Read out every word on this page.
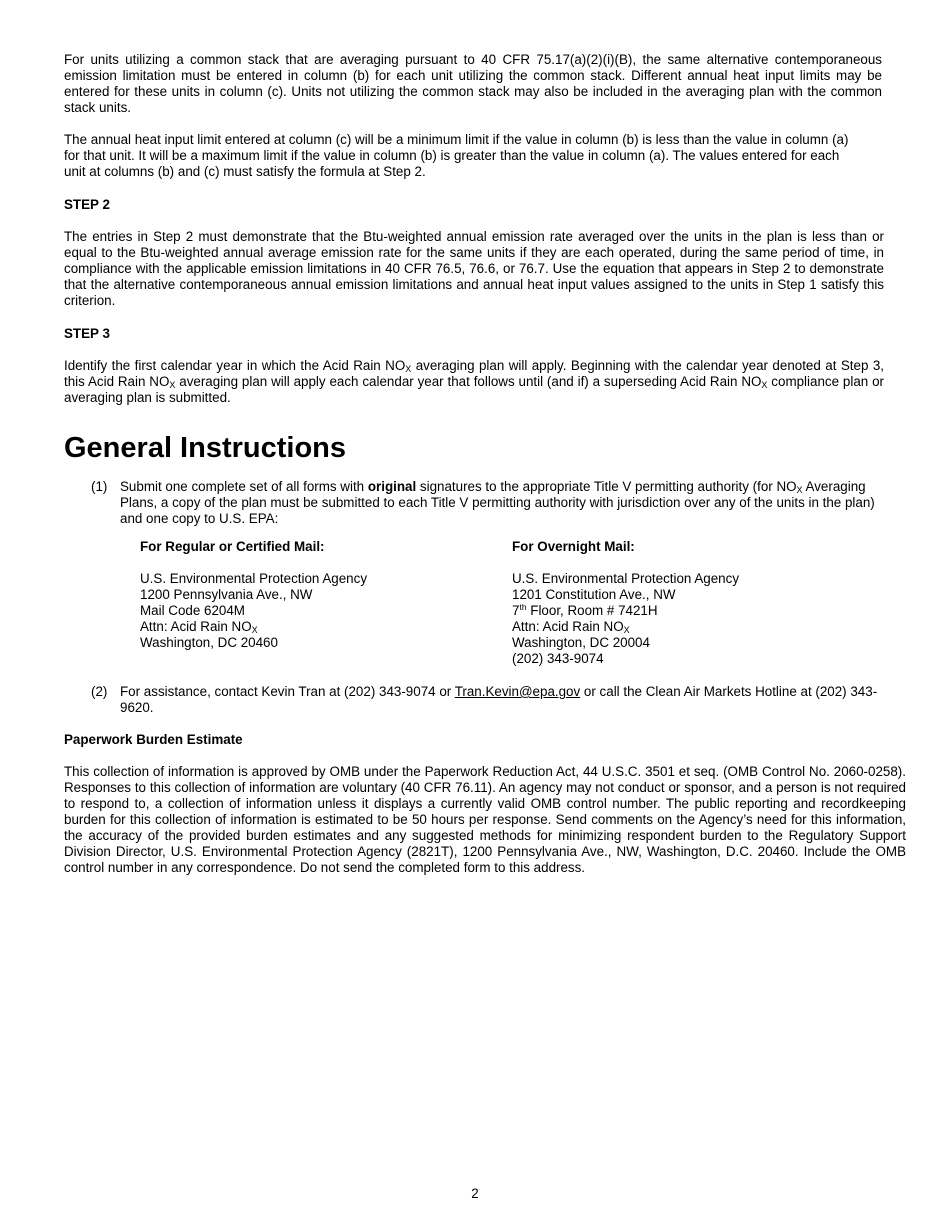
For units utilizing a common stack that are averaging pursuant to 40 CFR 75.17(a)(2)(i)(B), the same alternative contemporaneous emission limitation must be entered in column (b) for each unit utilizing the common stack. Different annual heat input limits may be entered for these units in column (c). Units not utilizing the common stack may also be included in the averaging plan with the common stack units.

The annual heat input limit entered at column (c) will be a minimum limit if the value in column (b) is less than the value in column (a) for that unit. It will be a maximum limit if the value in column (b) is greater than the value in column (a). The values entered for each unit at columns (b) and (c) must satisfy the formula at Step 2.

STEP 2

The entries in Step 2 must demonstrate that the Btu-weighted annual emission rate averaged over the units in the plan is less than or equal to the Btu-weighted annual average emission rate for the same units if they are each operated, during the same period of time, in compliance with the applicable emission limitations in 40 CFR 76.5, 76.6, or 76.7. Use the equation that appears in Step 2 to demonstrate that the alternative contemporaneous annual emission limitations and annual heat input values assigned to the units in Step 1 satisfy this criterion.

STEP 3

Identify the first calendar year in which the Acid Rain $NO_X$ averaging plan will apply. Beginning with the calendar year denoted at Step 3, this Acid Rain $NO_X$ averaging plan will apply each calendar year that follows until (and if) a superseding Acid Rain $NO_X$ compliance plan or averaging plan is submitted.

General Instructions
(1) Submit one complete set of all forms with original signatures to the appropriate Title V permitting authority (for $NO_X$ Averaging Plans, a copy of the plan must be submitted to each Title V permitting authority with jurisdiction over any of the units in the plan) and one copy to U.S. EPA:
For Regular or Certified Mail:
U.S. Environmental Protection Agency
1200 Pennsylvania Ave., NW
Mail Code 6204M
Attn: Acid Rain $NO_X$
Washington, DC 20460
For Overnight Mail:
U.S. Environmental Protection Agency
1201 Constitution Ave., NW
7th Floor, Room # 7421H
Attn: Acid Rain $NO_X$
Washington, DC 20004
(202) 343-9074
(2) For assistance, contact Kevin Tran at (202) 343-9074 or Tran.Kevin@epa.gov or call the Clean Air Markets Hotline at (202) 343-9620.

Paperwork Burden Estimate

This collection of information is approved by OMB under the Paperwork Reduction Act, 44 U.S.C. 3501 et seq. (OMB Control No. 2060-0258). Responses to this collection of information are voluntary (40 CFR 76.11). An agency may not conduct or sponsor, and a person is not required to respond to, a collection of information unless it displays a currently valid OMB control number. The public reporting and recordkeeping burden for this collection of information is estimated to be 50 hours per response. Send comments on the Agency’s need for this information, the accuracy of the provided burden estimates and any suggested methods for minimizing respondent burden to the Regulatory Support Division Director, U.S. Environmental Protection Agency (2821T), 1200 Pennsylvania Ave., NW, Washington, D.C. 20460. Include the OMB control number in any correspondence. Do not send the completed form to this address.

2
